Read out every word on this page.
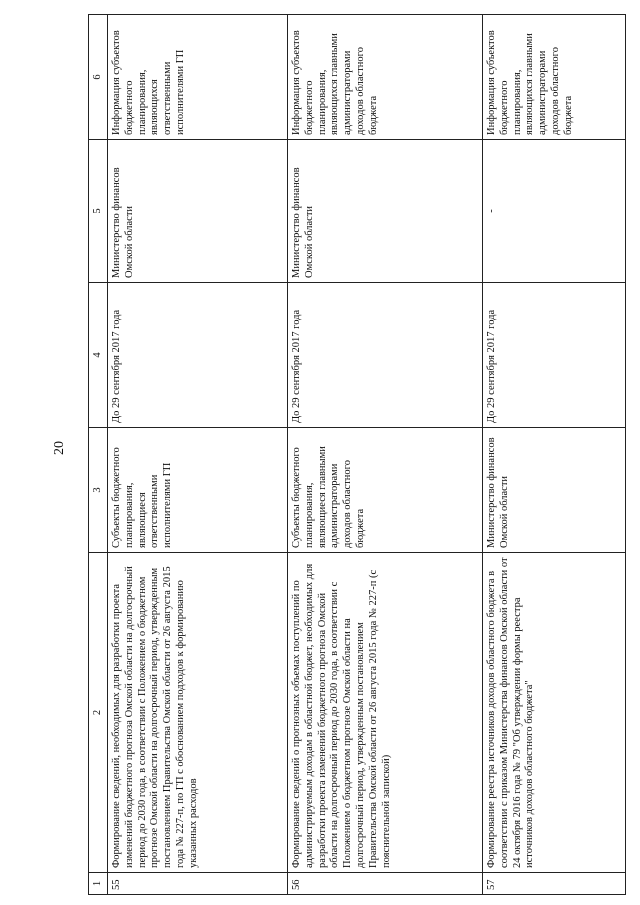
20
1	2	3	4	5	6
55	Формирование сведений, необходимых для разработки проекта изменений бюджетного прогноза Омской области на долгосрочный период до 2030 года, в соответствии с Положением о бюджетном прогнозе Омской области на долгосрочный период, утвержденным постановлением Правительства Омской области от 26 августа 2015 года № 227-п, по ГП с обоснованием подходов к формированию указанных расходов	Субъекты бюджетного планирования, являющиеся ответственными исполнителями ГП	До 29 сентября 2017 года	Министерство финансов Омской области	Информация субъектов бюджетного планирования, являющихся ответственными исполнителями ГП
56	Формирование сведений о прогнозных объемах поступлений по администрируемым доходам в областной бюджет, необходимых для разработки проекта изменений бюджетного прогноза Омской области на долгосрочный период до 2030 года, в соответствии с Положением о бюджетном прогнозе Омской области на долгосрочный период, утвержденным постановлением Правительства Омской области от 26 августа 2015 года № 227-п (с пояснительной запиской)	Субъекты бюджетного планирования, являющиеся главными администраторами доходов областного бюджета	До 29 сентября 2017 года	Министерство финансов Омской области	Информация субъектов бюджетного планирования, являющихся главными администраторами доходов областного бюджета
57	Формирование реестра источников доходов областного бюджета в соответствии с приказом Министерства финансов Омской области от 24 октября 2016 года № 79 "Об утверждении формы реестра источников доходов областного бюджета"	Министерство финансов Омской области	До 29 сентября 2017 года	-	Информация субъектов бюджетного планирования, являющихся главными администраторами доходов областного бюджета
